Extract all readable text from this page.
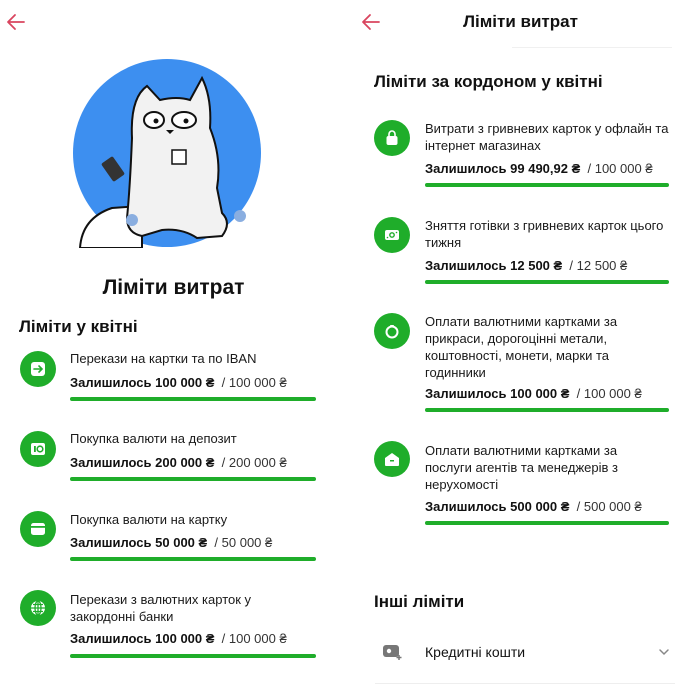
Ліміти витрат
Ліміти у квітні
Перекази на картки та по IBAN
Залишилось 100 000 ₴ / 100 000 ₴
Покупка валюти на депозит
Залишилось 200 000 ₴ / 200 000 ₴
Покупка валюти на картку
Залишилось 50 000 ₴ / 50 000 ₴
Перекази з валютних карток у закордонні банки
Залишилось 100 000 ₴ / 100 000 ₴
Ліміти витрат
Ліміти за кордоном у квітні
Витрати з гривневих карток у офлайн та інтернет магазинах
Залишилось 99 490,92 ₴ / 100 000 ₴
Зняття готівки з гривневих карток цього тижня
Залишилось 12 500 ₴ / 12 500 ₴
Оплати валютними картками за прикраси, дорогоцінні метали, коштовності, монети, марки та годинники
Залишилось 100 000 ₴ / 100 000 ₴
Оплати валютними картками за послуги агентів та менеджерів з нерухомості
Залишилось 500 000 ₴ / 500 000 ₴
Інші ліміти
Кредитні кошти
